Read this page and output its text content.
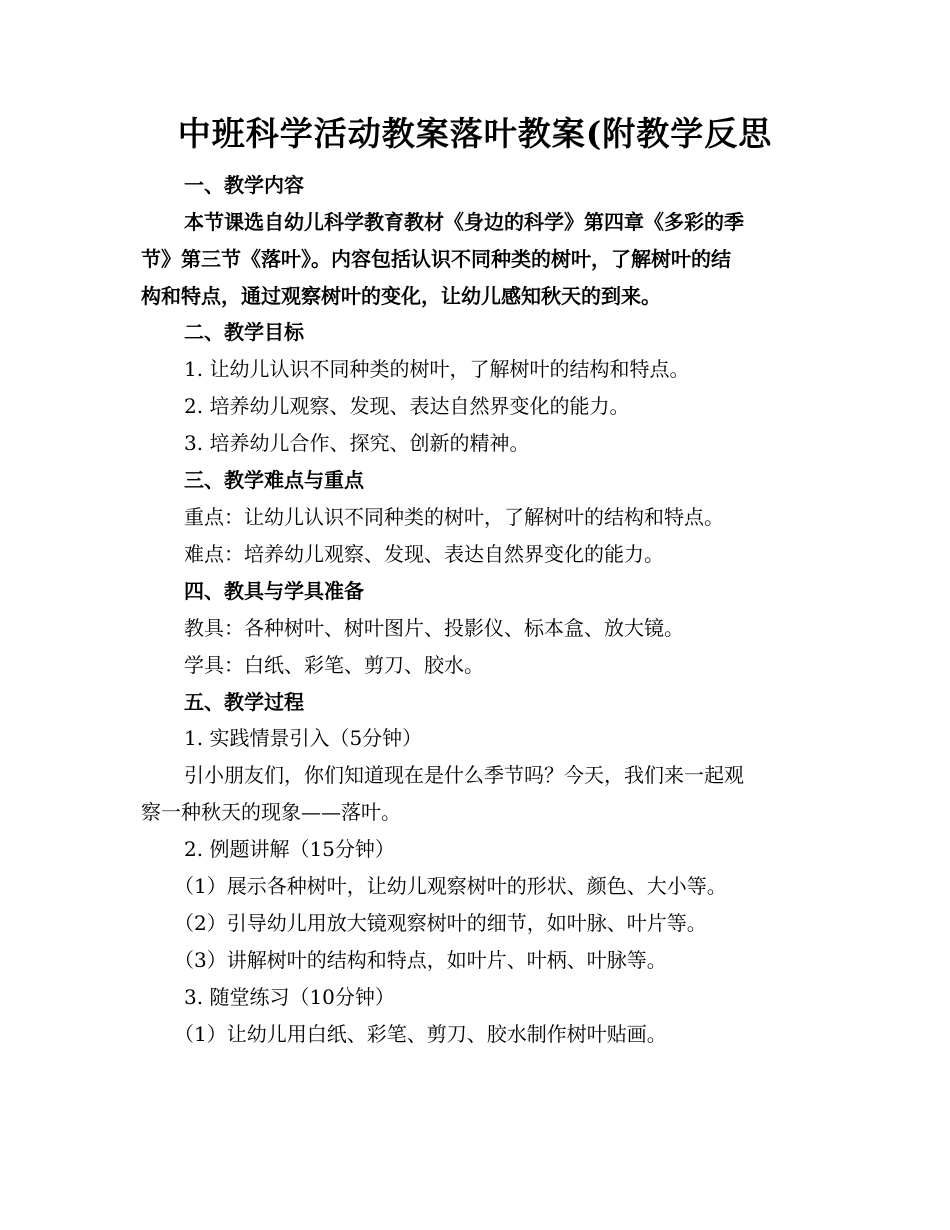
中班科学活动教案落叶教案(附教学反思
一、教学内容
本节课选自幼儿科学教育教材《身边的科学》第四章《多彩的季
节》第三节《落叶》。内容包括认识不同种类的树叶，了解树叶的结
构和特点，通过观察树叶的变化，让幼儿感知秋天的到来。
二、教学目标
1. 让幼儿认识不同种类的树叶，了解树叶的结构和特点。
2. 培养幼儿观察、发现、表达自然界变化的能力。
3. 培养幼儿合作、探究、创新的精神。
三、教学难点与重点
重点：让幼儿认识不同种类的树叶，了解树叶的结构和特点。
难点：培养幼儿观察、发现、表达自然界变化的能力。
四、教具与学具准备
教具：各种树叶、树叶图片、投影仪、标本盒、放大镜。
学具：白纸、彩笔、剪刀、胶水。
五、教学过程
1. 实践情景引入（5分钟）
引小朋友们，你们知道现在是什么季节吗？今天，我们来一起观
察一种秋天的现象——落叶。
2. 例题讲解（15分钟）
（1）展示各种树叶，让幼儿观察树叶的形状、颜色、大小等。
（2）引导幼儿用放大镜观察树叶的细节，如叶脉、叶片等。
（3）讲解树叶的结构和特点，如叶片、叶柄、叶脉等。
3. 随堂练习（10分钟）
（1）让幼儿用白纸、彩笔、剪刀、胶水制作树叶贴画。
